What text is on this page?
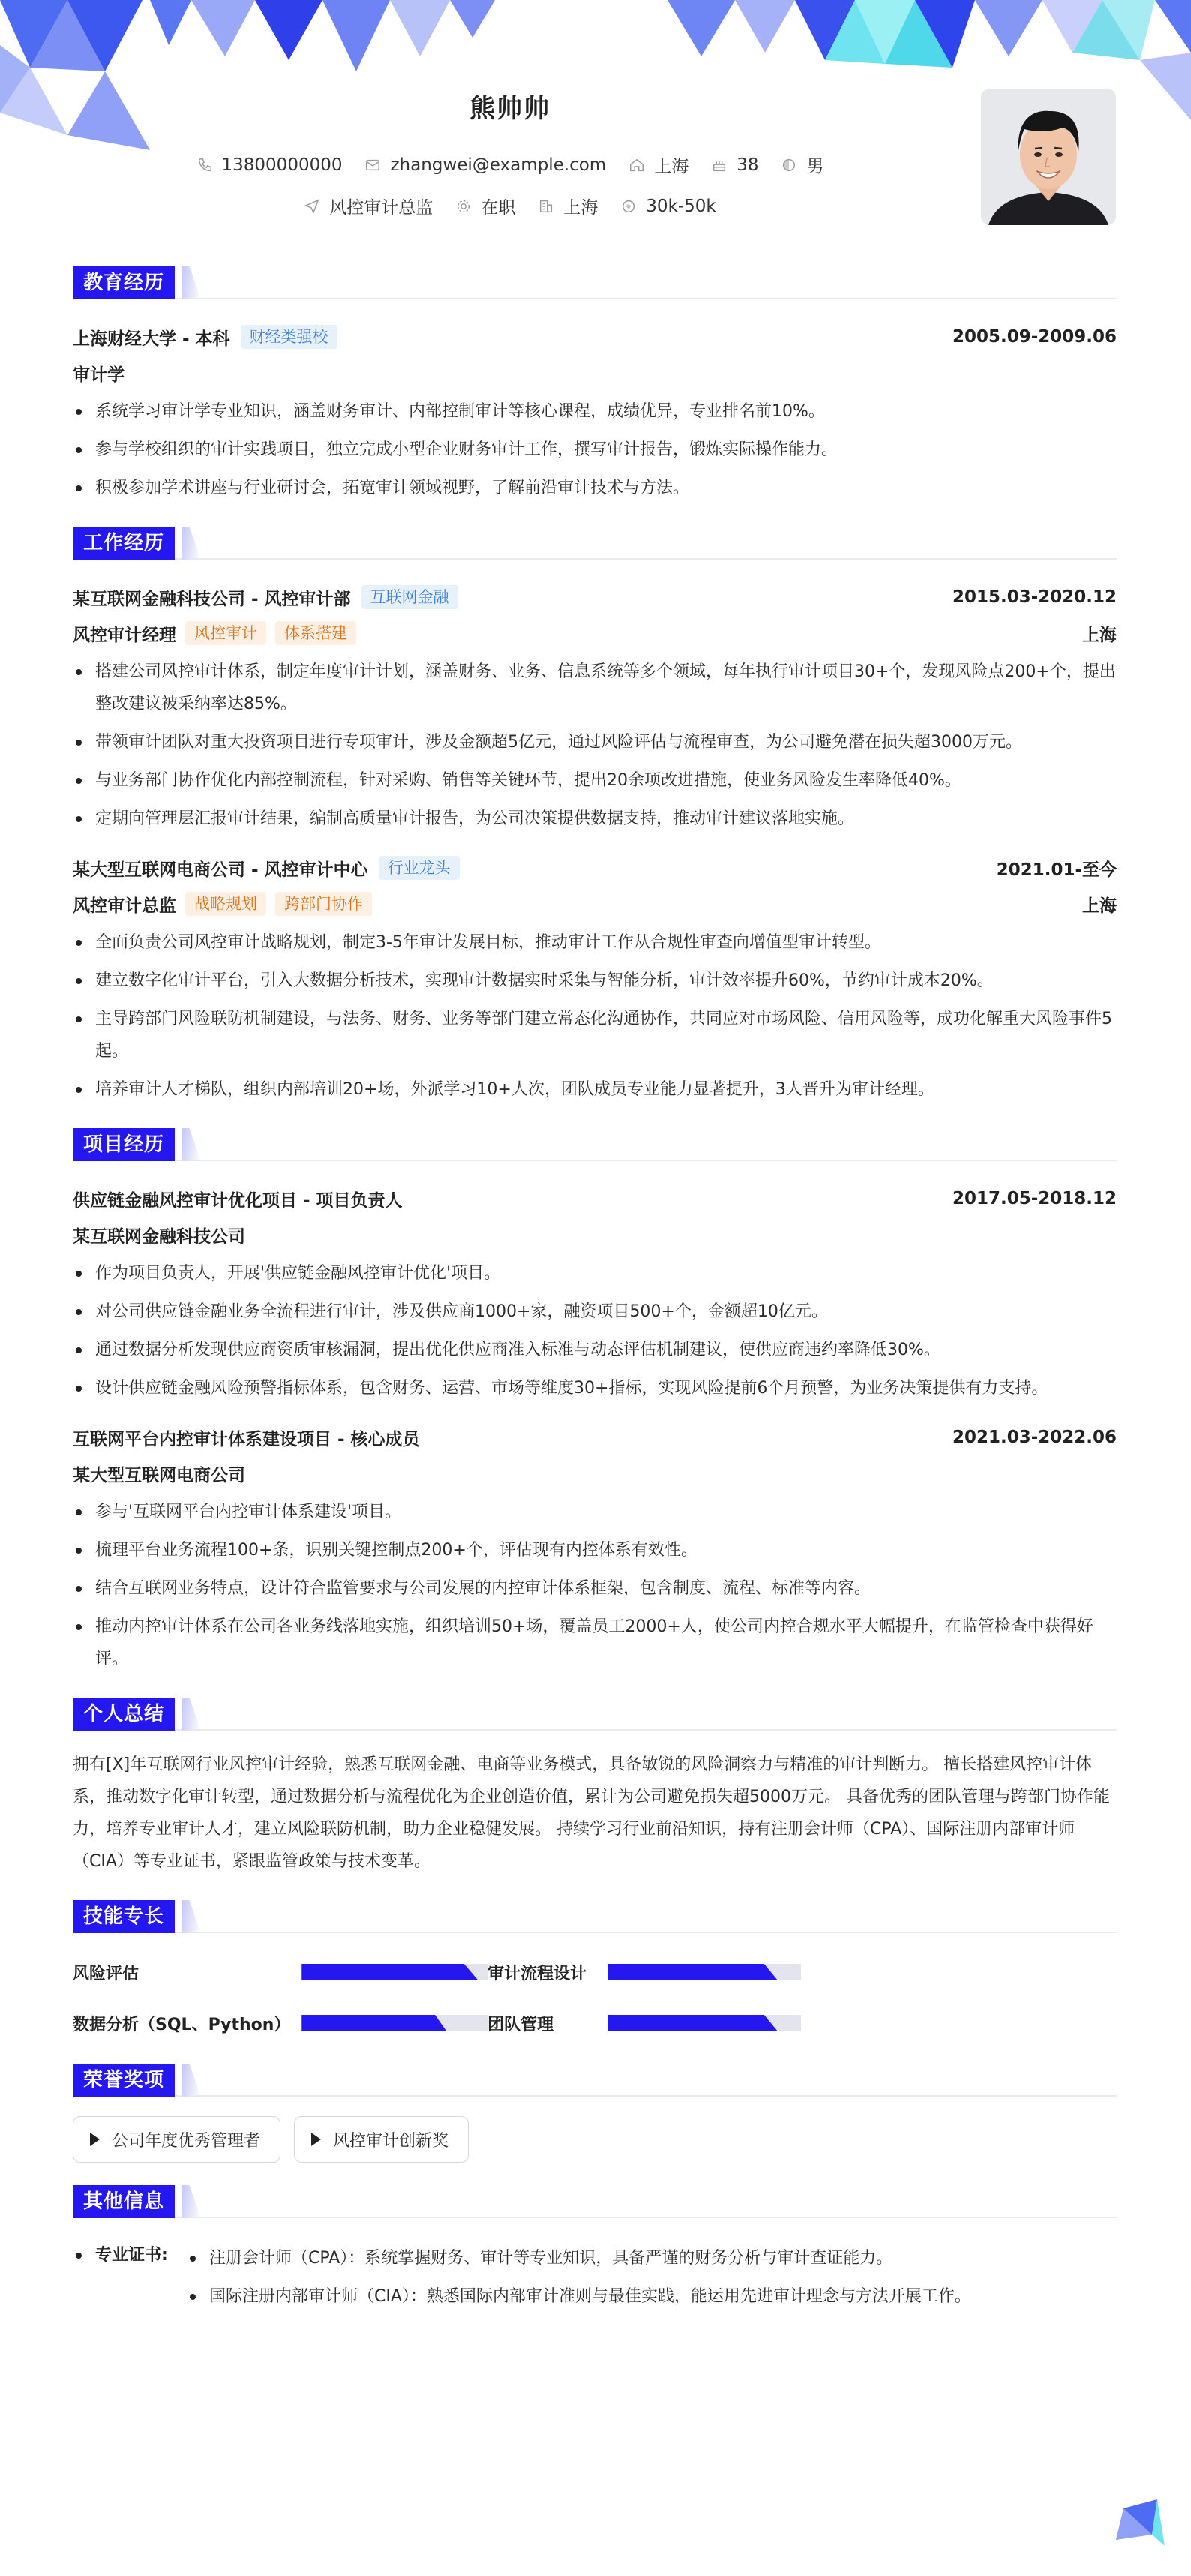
熊帅帅
13800000000	zhangwei@example.com	上海	38	男
风控审计总监	在职	上海	30k-50k
教育经历
上海财经大学 - 本科	财经类强校	2005.09-2009.06
审计学
系统学习审计学专业知识，涵盖财务审计、内部控制审计等核心课程，成绩优异，专业排名前10%。
参与学校组织的审计实践项目，独立完成小型企业财务审计工作，撰写审计报告，锻炼实际操作能力。
积极参加学术讲座与行业研讨会，拓宽审计领域视野，了解前沿审计技术与方法。
工作经历
某互联网金融科技公司 - 风控审计部	互联网金融	2015.03-2020.12
风控审计经理	风控审计	体系搭建	上海
搭建公司风控审计体系，制定年度审计计划，涵盖财务、业务、信息系统等多个领域，每年执行审计项目30+个，发现风险点200+个，提出整改建议被采纳率达85%。
带领审计团队对重大投资项目进行专项审计，涉及金额超5亿元，通过风险评估与流程审查，为公司避免潜在损失超3000万元。
与业务部门协作优化内部控制流程，针对采购、销售等关键环节，提出20余项改进措施，使业务风险发生率降低40%。
定期向管理层汇报审计结果，编制高质量审计报告，为公司决策提供数据支持，推动审计建议落地实施。
某大型互联网电商公司 - 风控审计中心	行业龙头	2021.01-至今
风控审计总监	战略规划	跨部门协作	上海
全面负责公司风控审计战略规划，制定3-5年审计发展目标，推动审计工作从合规性审查向增值型审计转型。
建立数字化审计平台，引入大数据分析技术，实现审计数据实时采集与智能分析，审计效率提升60%，节约审计成本20%。
主导跨部门风险联防机制建设，与法务、财务、业务等部门建立常态化沟通协作，共同应对市场风险、信用风险等，成功化解重大风险事件5起。
培养审计人才梯队，组织内部培训20+场，外派学习10+人次，团队成员专业能力显著提升，3人晋升为审计经理。
项目经历
供应链金融风控审计优化项目 - 项目负责人	2017.05-2018.12
某互联网金融科技公司
作为项目负责人，开展'供应链金融风控审计优化'项目。
对公司供应链金融业务全流程进行审计，涉及供应商1000+家，融资项目500+个，金额超10亿元。
通过数据分析发现供应商资质审核漏洞，提出优化供应商准入标准与动态评估机制建议，使供应商违约率降低30%。
设计供应链金融风险预警指标体系，包含财务、运营、市场等维度30+指标，实现风险提前6个月预警，为业务决策提供有力支持。
互联网平台内控审计体系建设项目 - 核心成员	2021.03-2022.06
某大型互联网电商公司
参与'互联网平台内控审计体系建设'项目。
梳理平台业务流程100+条，识别关键控制点200+个，评估现有内控体系有效性。
结合互联网业务特点，设计符合监管要求与公司发展的内控审计体系框架，包含制度、流程、标准等内容。
推动内控审计体系在公司各业务线落地实施，组织培训50+场，覆盖员工2000+人，使公司内控合规水平大幅提升，在监管检查中获得好评。
个人总结
拥有[X]年互联网行业风控审计经验，熟悉互联网金融、电商等业务模式，具备敏锐的风险洞察力与精准的审计判断力。 擅长搭建风控审计体系，推动数字化审计转型，通过数据分析与流程优化为企业创造价值，累计为公司避免损失超5000万元。 具备优秀的团队管理与跨部门协作能力，培养专业审计人才，建立风险联防机制，助力企业稳健发展。 持续学习行业前沿知识，持有注册会计师（CPA）、国际注册内部审计师（CIA）等专业证书，紧跟监管政策与技术变革。
技能专长
风险评估	审计流程设计
数据分析（SQL、Python）	团队管理
荣誉奖项
公司年度优秀管理者	风控审计创新奖
其他信息
专业证书:	注册会计师（CPA）：系统掌握财务、审计等专业知识，具备严谨的财务分析与审计查证能力。
国际注册内部审计师（CIA）：熟悉国际内部审计准则与最佳实践，能运用先进审计理念与方法开展工作。
